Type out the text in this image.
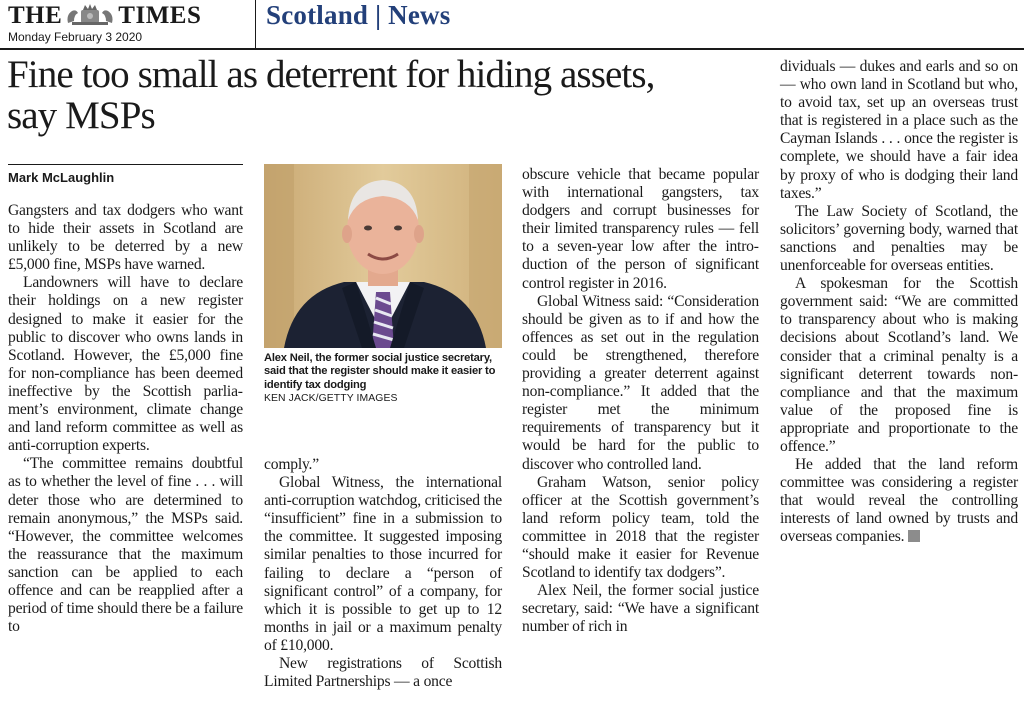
THE TIMES
Monday February 3 2020
Scotland | News
Fine too small as deterrent for hiding assets,
say MSPs
Mark McLaughlin
Alex Neil, the former social justice secretary, said that the register should make it easier to identify tax dodging
KEN JACK/GETTY IMAGES

Gangsters and tax dodgers who want to hide their assets in Scotland are unlikely to be deterred by a new £5,000 fine, MSPs have warned.

Landowners will have to declare their holdings on a new register designed to make it easier for the public to discover who owns lands in Scotland. However, the £5,000 fine for non-compliance has been deemed ineffective by the Scottish parliament’s environment, climate change and land reform committee as well as anti-corruption experts.

“The committee remains doubtful as to whether the level of fine . . . will deter those who are determined to remain anonymous,” the MSPs said. “However, the committee welcomes the reassurance that the maximum sanction can be applied to each offence and can be reapplied after a period of time should there be a failure to

comply.”

Global Witness, the international anti-corruption watchdog, criticised the “insufficient” fine in a submission to the committee. It suggested imposing similar penalties to those incurred for failing to declare a “person of significant control” of a company, for which it is possible to get up to 12 months in jail or a maximum penalty of £10,000.

New registrations of Scottish Limited Partnerships — a once

obscure vehicle that became popular with international gangsters, tax dodgers and corrupt businesses for their limited transparency rules — fell to a seven-year low after the introduction of the person of significant control register in 2016.

Global Witness said: “Consideration should be given as to if and how the offences as set out in the regulation could be strengthened, therefore providing a greater deterrent against non-compliance.” It added that the register met the minimum requirements of transparency but it would be hard for the public to discover who controlled land.

Graham Watson, senior policy officer at the Scottish government’s land reform policy team, told the committee in 2018 that the register “should make it easier for Revenue Scotland to identify tax dodgers”.

Alex Neil, the former social justice secretary, said: “We have a significant number of rich in

dividuals — dukes and earls and so on — who own land in Scotland but who, to avoid tax, set up an overseas trust that is registered in a place such as the Cayman Islands . . . once the register is complete, we should have a fair idea by proxy of who is dodging their land taxes.”

The Law Society of Scotland, the solicitors’ governing body, warned that sanctions and penalties may be unenforceable for overseas entities.

A spokesman for the Scottish government said: “We are committed to transparency about who is making decisions about Scotland’s land. We consider that a criminal penalty is a significant deterrent towards non-compliance and that the maximum value of the proposed fine is appropriate and proportionate to the offence.”

He added that the land reform committee was considering a register that would reveal the controlling interests of land owned by trusts and overseas companies.
